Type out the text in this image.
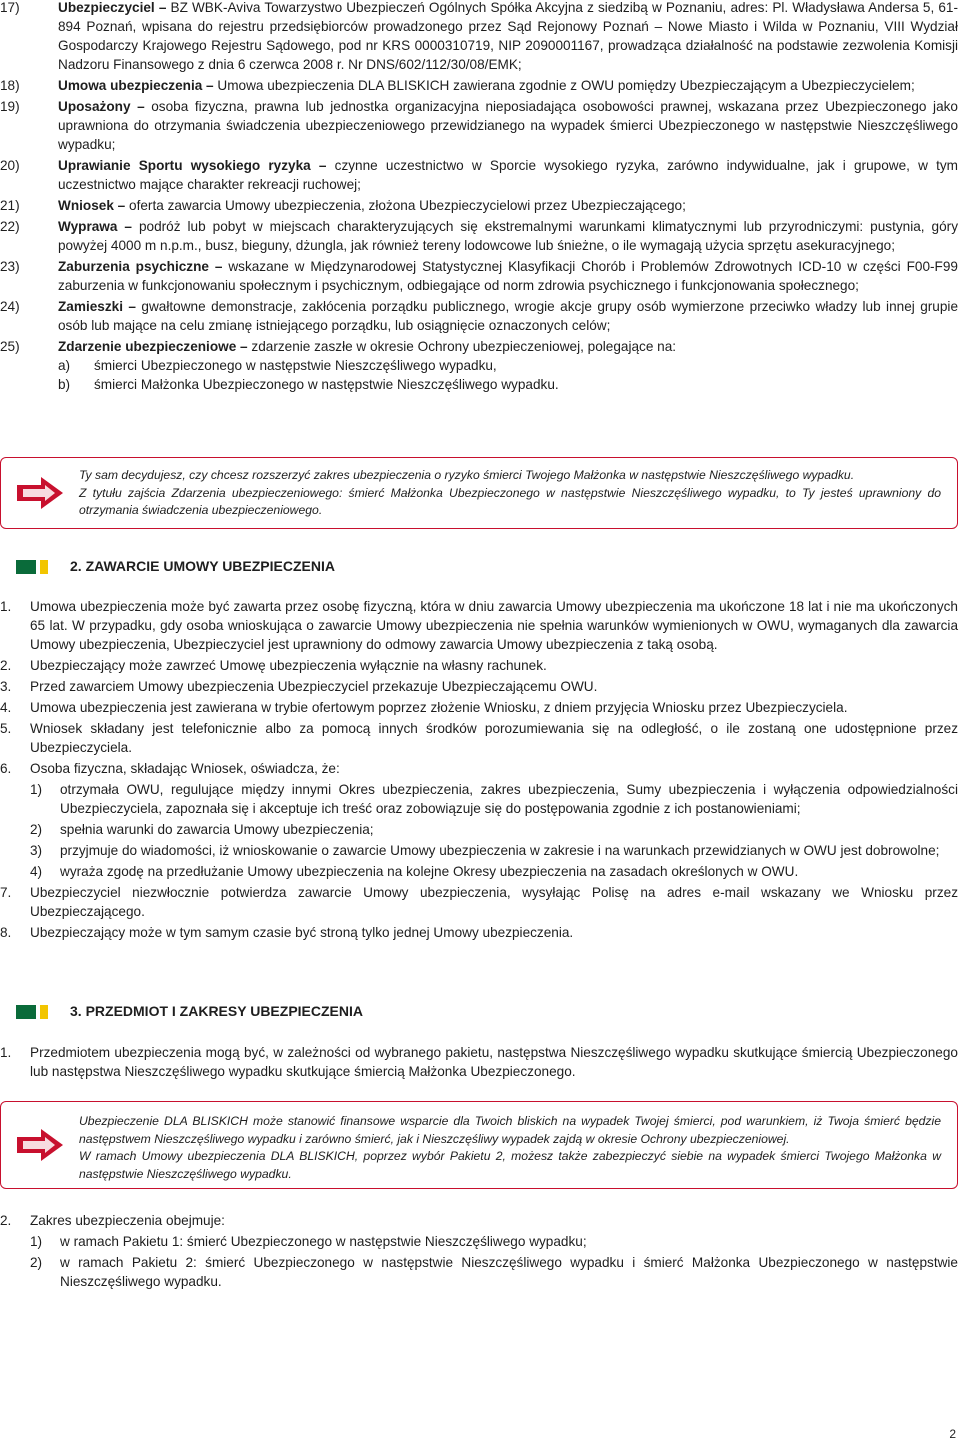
17)	Ubezpieczyciel – BZ WBK-Aviva Towarzystwo Ubezpieczeń Ogólnych Spółka Akcyjna z siedzibą w Poznaniu, adres: Pl. Władysława Andersa 5, 61-894 Poznań, wpisana do rejestru przedsiębiorców prowadzonego przez Sąd Rejonowy Poznań – Nowe Miasto i Wilda w Poznaniu, VIII Wydział Gospodarczy Krajowego Rejestru Sądowego, pod nr KRS 0000310719, NIP 2090001167, prowadząca działalność na podstawie zezwolenia Komisji Nadzoru Finansowego z dnia 6 czerwca 2008 r. Nr DNS/602/112/30/08/EMK;
18)	Umowa ubezpieczenia – Umowa ubezpieczenia DLA BLISKICH zawierana zgodnie z OWU pomiędzy Ubezpieczającym a Ubezpieczycielem;
19)	Uposażony – osoba fizyczna, prawna lub jednostka organizacyjna nieposiadająca osobowości prawnej, wskazana przez Ubezpieczonego jako uprawniona do otrzymania świadczenia ubezpieczeniowego przewidzianego na wypadek śmierci Ubezpieczonego w następstwie Nieszczęśliwego wypadku;
20)	Uprawianie Sportu wysokiego ryzyka – czynne uczestnictwo w Sporcie wysokiego ryzyka, zarówno indywidualne, jak i grupowe, w tym uczestnictwo mające charakter rekreacji ruchowej;
21)	Wniosek – oferta zawarcia Umowy ubezpieczenia, złożona Ubezpieczycielowi przez Ubezpieczającego;
22)	Wyprawa – podróż lub pobyt w miejscach charakteryzujących się ekstremalnymi warunkami klimatycznymi lub przyrodniczymi: pustynia, góry powyżej 4000 m n.p.m., busz, bieguny, dżungla, jak również tereny lodowcowe lub śnieżne, o ile wymagają użycia sprzętu asekuracyjnego;
23)	Zaburzenia psychiczne – wskazane w Międzynarodowej Statystycznej Klasyfikacji Chorób i Problemów Zdrowotnych ICD-10 w części F00-F99 zaburzenia w funkcjonowaniu społecznym i psychicznym, odbiegające od norm zdrowia psychicznego i funkcjonowania społecznego;
24)	Zamieszki – gwałtowne demonstracje, zakłócenia porządku publicznego, wrogie akcje grupy osób wymierzone przeciwko władzy lub innej grupie osób lub mające na celu zmianę istniejącego porządku, lub osiągnięcie oznaczonych celów;
25)	Zdarzenie ubezpieczeniowe – zdarzenie zaszłe w okresie Ochrony ubezpieczeniowej, polegające na:
a)	śmierci Ubezpieczonego w następstwie Nieszczęśliwego wypadku,
b)	śmierci Małżonka Ubezpieczonego w następstwie Nieszczęśliwego wypadku.
Ty sam decydujesz, czy chcesz rozszerzyć zakres ubezpieczenia o ryzyko śmierci Twojego Małżonka w następstwie Nieszczęśliwego wypadku.
Z tytułu zajścia Zdarzenia ubezpieczeniowego: śmierć Małżonka Ubezpieczonego w następstwie Nieszczęśliwego wypadku, to Ty jesteś uprawniony do otrzymania świadczenia ubezpieczeniowego.
2. ZAWARCIE UMOWY UBEZPIECZENIA
1.	Umowa ubezpieczenia może być zawarta przez osobę fizyczną, która w dniu zawarcia Umowy ubezpieczenia ma ukończone 18 lat i nie ma ukończonych 65 lat. W przypadku, gdy osoba wnioskująca o zawarcie Umowy ubezpieczenia nie spełnia warunków wymienionych w OWU, wymaganych dla zawarcia Umowy ubezpieczenia, Ubezpieczyciel jest uprawniony do odmowy zawarcia Umowy ubezpieczenia z taką osobą.
2.	Ubezpieczający może zawrzeć Umowę ubezpieczenia wyłącznie na własny rachunek.
3.	Przed zawarciem Umowy ubezpieczenia Ubezpieczyciel przekazuje Ubezpieczającemu OWU.
4.	Umowa ubezpieczenia jest zawierana w trybie ofertowym poprzez złożenie Wniosku, z dniem przyjęcia Wniosku przez Ubezpieczyciela.
5.	Wniosek składany jest telefonicznie albo za pomocą innych środków porozumiewania się na odległość, o ile zostaną one udostępnione przez Ubezpieczyciela.
6.	Osoba fizyczna, składając Wniosek, oświadcza, że:
1)	otrzymała OWU, regulujące między innymi Okres ubezpieczenia, zakres ubezpieczenia, Sumy ubezpieczenia i wyłączenia odpowiedzialności Ubezpieczyciela, zapoznała się i akceptuje ich treść oraz zobowiązuje się do postępowania zgodnie z ich postanowieniami;
2)	spełnia warunki do zawarcia Umowy ubezpieczenia;
3)	przyjmuje do wiadomości, iż wnioskowanie o zawarcie Umowy ubezpieczenia w zakresie i na warunkach przewidzianych w OWU jest dobrowolne;
4)	wyraża zgodę na przedłużanie Umowy ubezpieczenia na kolejne Okresy ubezpieczenia na zasadach określonych w OWU.
7.	Ubezpieczyciel niezwłocznie potwierdza zawarcie Umowy ubezpieczenia, wysyłając Polisę na adres e-mail wskazany we Wniosku przez Ubezpieczającego.
8.	Ubezpieczający może w tym samym czasie być stroną tylko jednej Umowy ubezpieczenia.
3. PRZEDMIOT I ZAKRESY UBEZPIECZENIA
1.	Przedmiotem ubezpieczenia mogą być, w zależności od wybranego pakietu, następstwa Nieszczęśliwego wypadku skutkujące śmiercią Ubezpieczonego lub następstwa Nieszczęśliwego wypadku skutkujące śmiercią Małżonka Ubezpieczonego.
Ubezpieczenie DLA BLISKICH może stanowić finansowe wsparcie dla Twoich bliskich na wypadek Twojej śmierci, pod warunkiem, iż Twoja śmierć będzie następstwem Nieszczęśliwego wypadku i zarówno śmierć, jak i Nieszczęśliwy wypadek zajdą w okresie Ochrony ubezpieczeniowej.
W ramach Umowy ubezpieczenia DLA BLISKICH, poprzez wybór Pakietu 2, możesz także zabezpieczyć siebie na wypadek śmierci Twojego Małżonka w następstwie Nieszczęśliwego wypadku.
2.	Zakres ubezpieczenia obejmuje:
1)	w ramach Pakietu 1: śmierć Ubezpieczonego w następstwie Nieszczęśliwego wypadku;
2)	w ramach Pakietu 2: śmierć Ubezpieczonego w następstwie Nieszczęśliwego wypadku i śmierć Małżonka Ubezpieczonego w następstwie Nieszczęśliwego wypadku.
2
